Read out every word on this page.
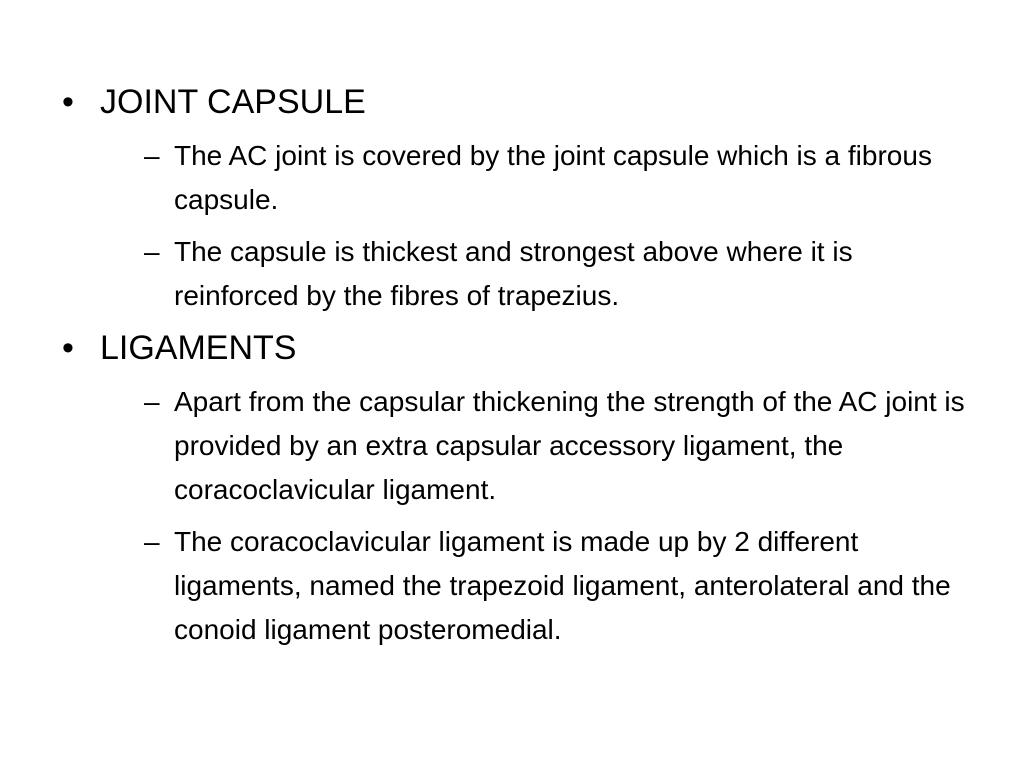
• JOINT CAPSULE
– The AC joint is covered by the joint capsule which is a fibrous capsule.
– The capsule is thickest and strongest above where it is reinforced by the fibres of trapezius.
• LIGAMENTS
– Apart from the capsular thickening the strength of the AC joint is provided by an extra capsular accessory ligament, the coracoclavicular ligament.
– The coracoclavicular ligament is made up by 2 different ligaments, named the trapezoid ligament, anterolateral and the conoid ligament posteromedial.
